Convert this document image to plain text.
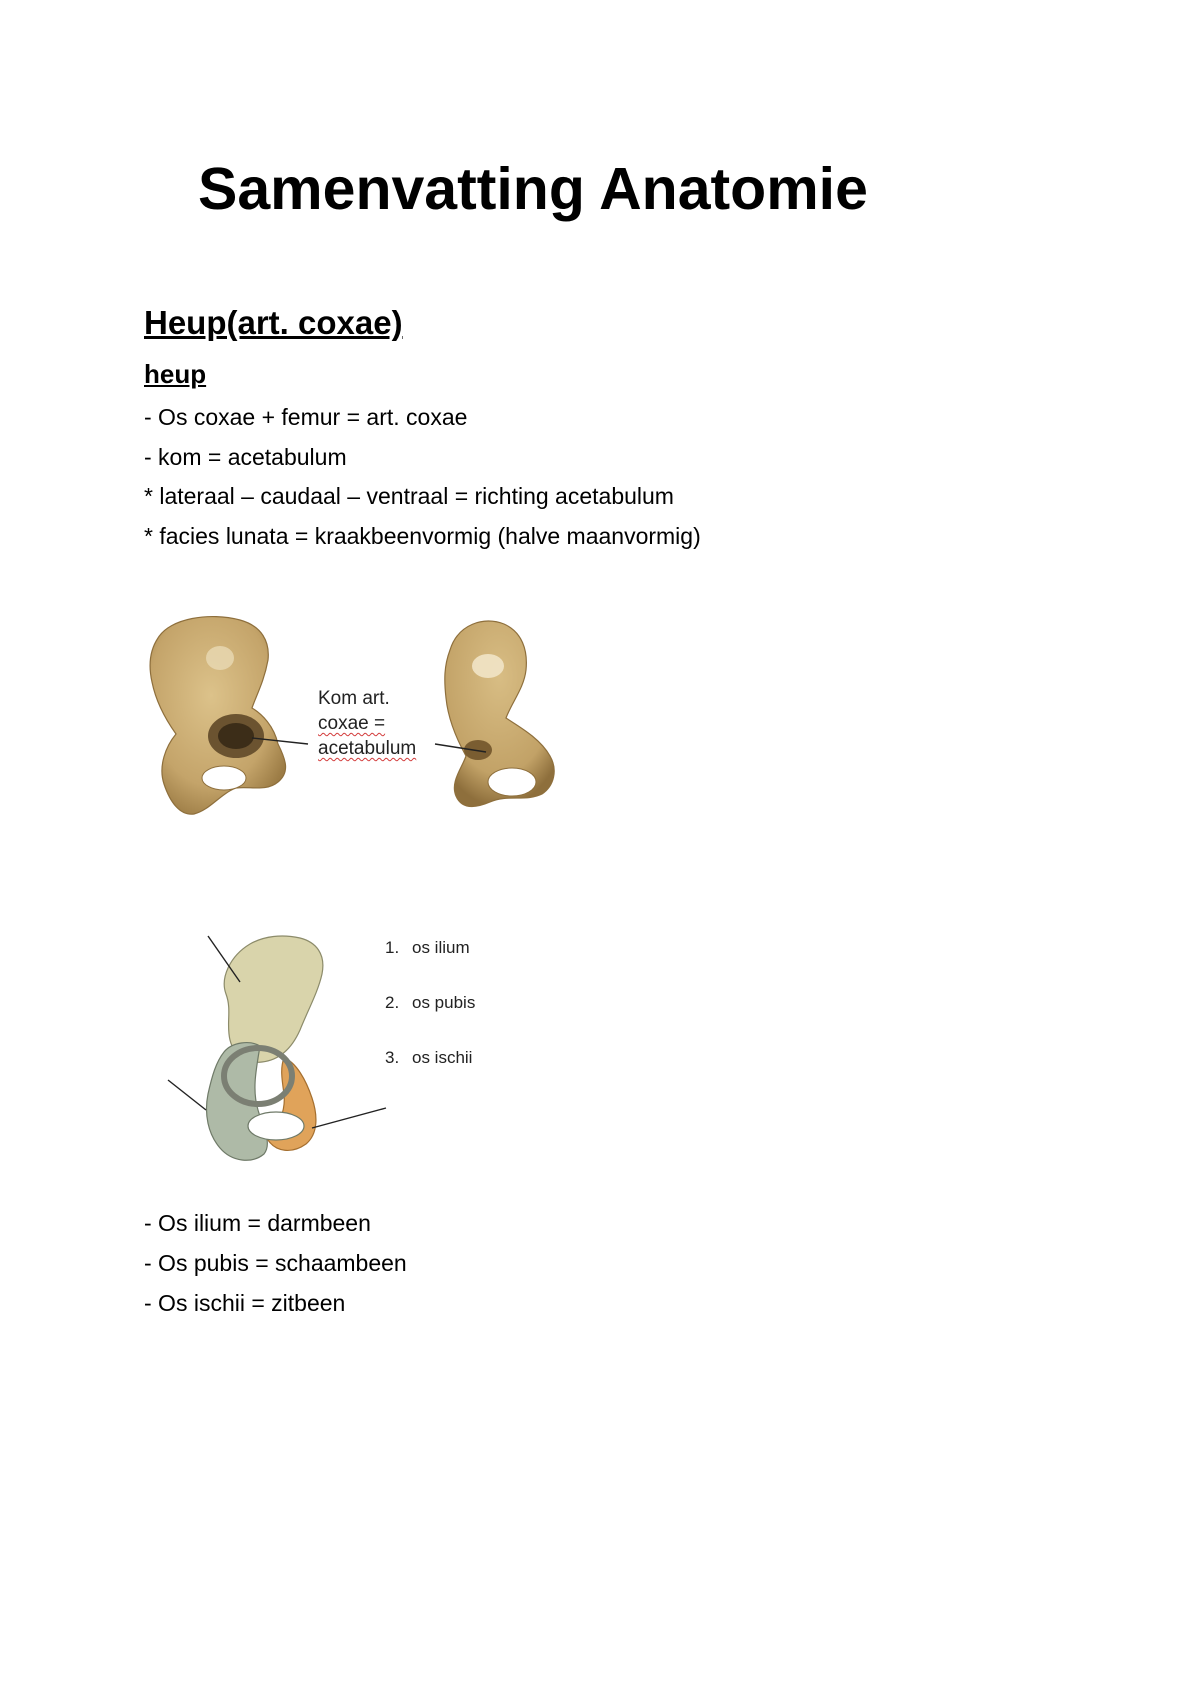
Samenvatting Anatomie
Heup(art. coxae)
heup
- Os coxae + femur = art. coxae
- kom = acetabulum
* lateraal – caudaal – ventraal = richting acetabulum
* facies lunata = kraakbeenvormig (halve maanvormig)
Kom art.
coxae =
acetabulum
1. os ilium
2. os pubis
3. os ischii
- Os ilium = darmbeen
- Os pubis = schaambeen
- Os ischii = zitbeen
